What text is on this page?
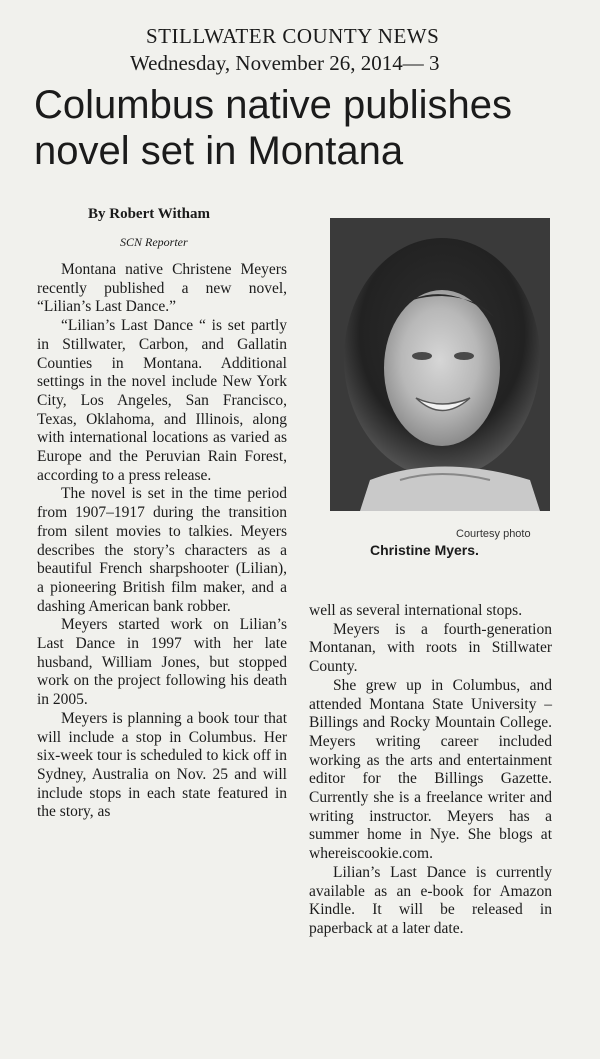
STILLWATER COUNTY NEWS
Wednesday, November 26, 2014— 3
Columbus native publishes novel set in Montana
By Robert Witham
SCN Reporter

Montana native Christene Meyers recently published a new novel, “Lilian’s Last Dance.”

“Lilian’s Last Dance “ is set partly in Stillwater, Carbon, and Gallatin Counties in Montana. Additional settings in the novel include New York City, Los Angeles, San Francisco, Texas, Oklahoma, and Illinois, along with international locations as varied as Europe and the Peruvian Rain Forest, according to a press release.

The novel is set in the time period from 1907–1917 during the transition from silent movies to talkies. Meyers describes the story’s characters as a beautiful French sharpshooter (Lilian), a pioneering British film maker, and a dashing American bank robber.

Meyers started work on Lilian’s Last Dance in 1997 with her late husband, William Jones, but stopped work on the project following his death in 2005.

Meyers is planning a book tour that will include a stop in Columbus. Her six-week tour is scheduled to kick off in Sydney, Australia on Nov. 25 and will include stops in each state featured in the story, as

Courtesy photo
Christine Myers.

well as several international stops.

Meyers is a fourth-generation Montanan, with roots in Stillwater County.

She grew up in Columbus, and attended Montana State University – Billings and Rocky Mountain College. Meyers writing career included working as the arts and entertainment editor for the Billings Gazette. Currently she is a freelance writer and writing instructor. Meyers has a summer home in Nye. She blogs at whereiscookie.com.

Lilian’s Last Dance is currently available as an e-book for Amazon Kindle. It will be released in paperback at a later date.
